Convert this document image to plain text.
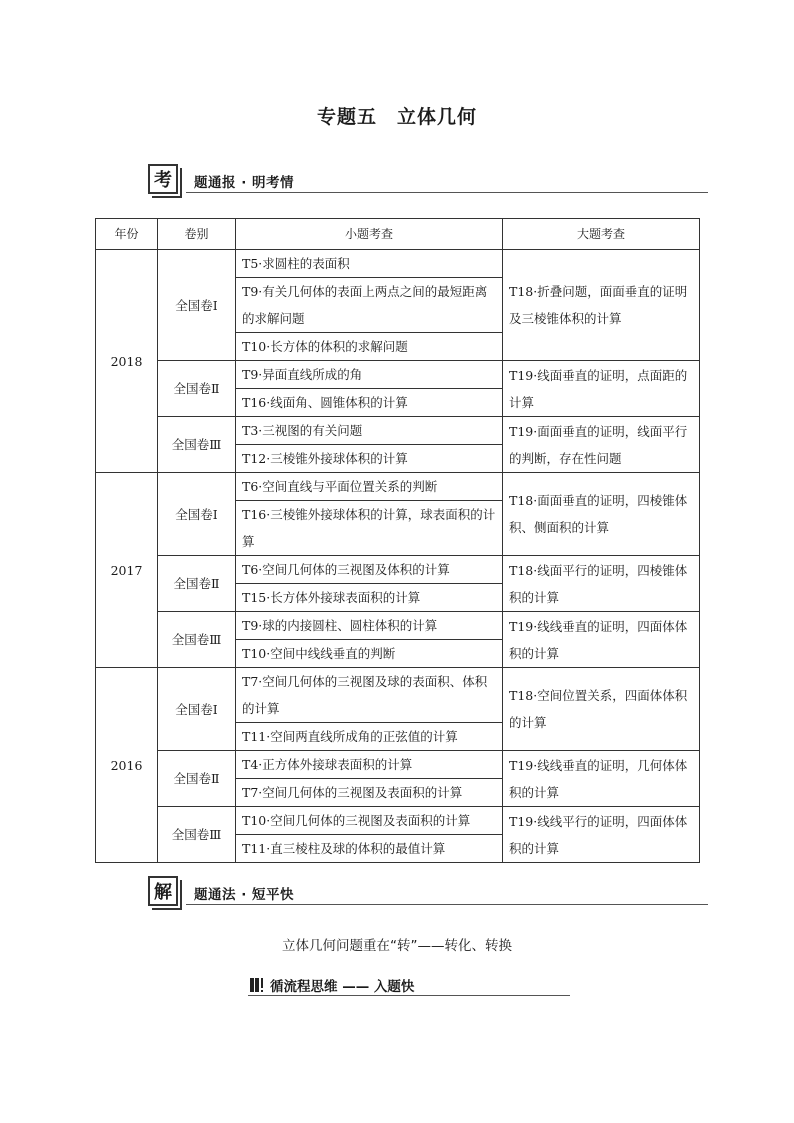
专题五　立体几何
考	题通报 · 明考情
年份	卷别	小题考查	大题考查
2018	全国卷Ⅰ	T5·求圆柱的表面积	T18·折叠问题，面面垂直的证明及三棱锥体积的计算
		T9·有关几何体的表面上两点之间的最短距离的求解问题	
		T10·长方体的体积的求解问题	
	全国卷Ⅱ	T9·异面直线所成的角	T19·线面垂直的证明，点面距的计算
		T16·线面角、圆锥体积的计算	
	全国卷Ⅲ	T3·三视图的有关问题	T19·面面垂直的证明，线面平行的判断，存在性问题
		T12·三棱锥外接球体积的计算	
2017	全国卷Ⅰ	T6·空间直线与平面位置关系的判断	T18·面面垂直的证明，四棱锥体积、侧面积的计算
		T16·三棱锥外接球体积的计算，球表面积的计算	
	全国卷Ⅱ	T6·空间几何体的三视图及体积的计算	T18·线面平行的证明，四棱锥体积的计算
		T15·长方体外接球表面积的计算	
	全国卷Ⅲ	T9·球的内接圆柱、圆柱体积的计算	T19·线线垂直的证明，四面体体积的计算
		T10·空间中线线垂直的判断	
2016	全国卷Ⅰ	T7·空间几何体的三视图及球的表面积、体积的计算	T18·空间位置关系，四面体体积的计算
		T11·空间两直线所成角的正弦值的计算	
	全国卷Ⅱ	T4·正方体外接球表面积的计算	T19·线线垂直的证明，几何体体积的计算
		T7·空间几何体的三视图及表面积的计算	
	全国卷Ⅲ	T10·空间几何体的三视图及表面积的计算	T19·线线平行的证明，四面体体积的计算
		T11·直三棱柱及球的体积的最值计算	
解	题通法 · 短平快
立体几何问题重在“转”——转化、转换
循流程思维 —— 入题快
